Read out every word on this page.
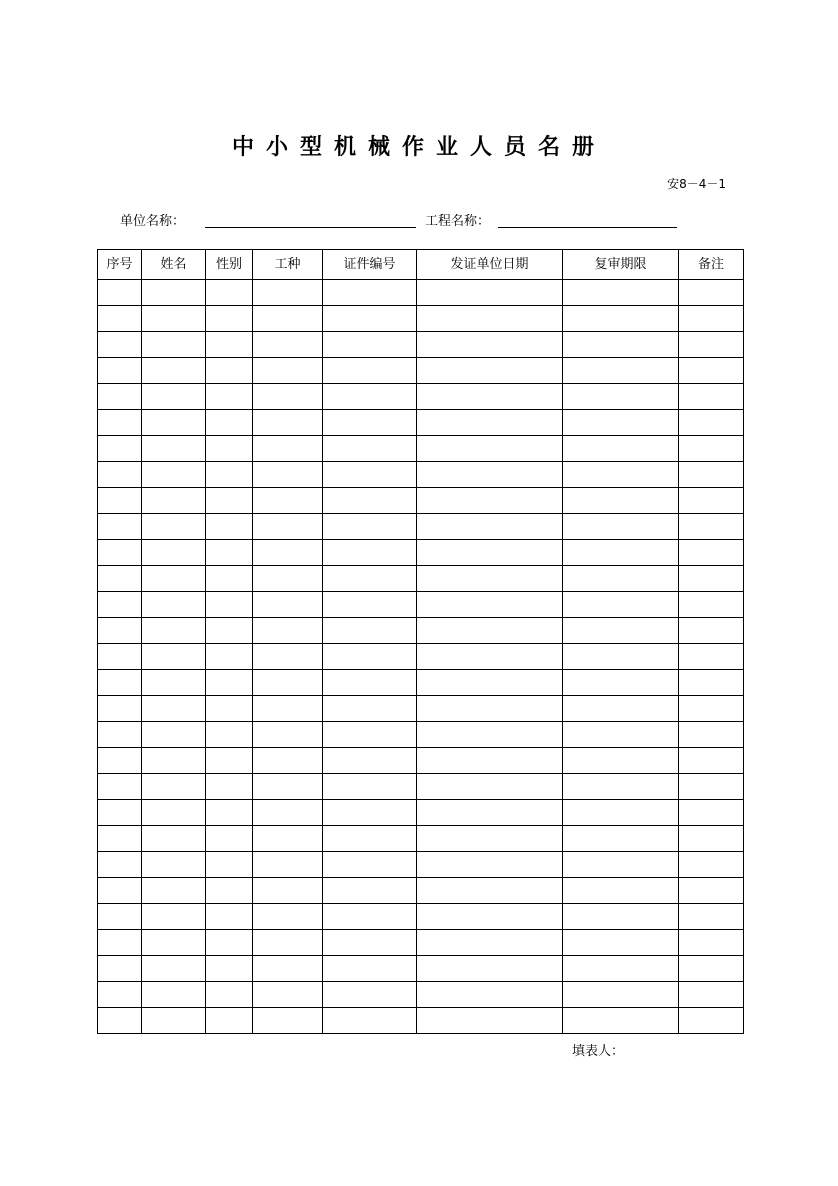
中小型机械作业人员名册
安8－4－1
单位名称：	工程名称：
序号	姓名	性别	工种	证件编号	发证单位日期	复审期限	备注

填表人：
